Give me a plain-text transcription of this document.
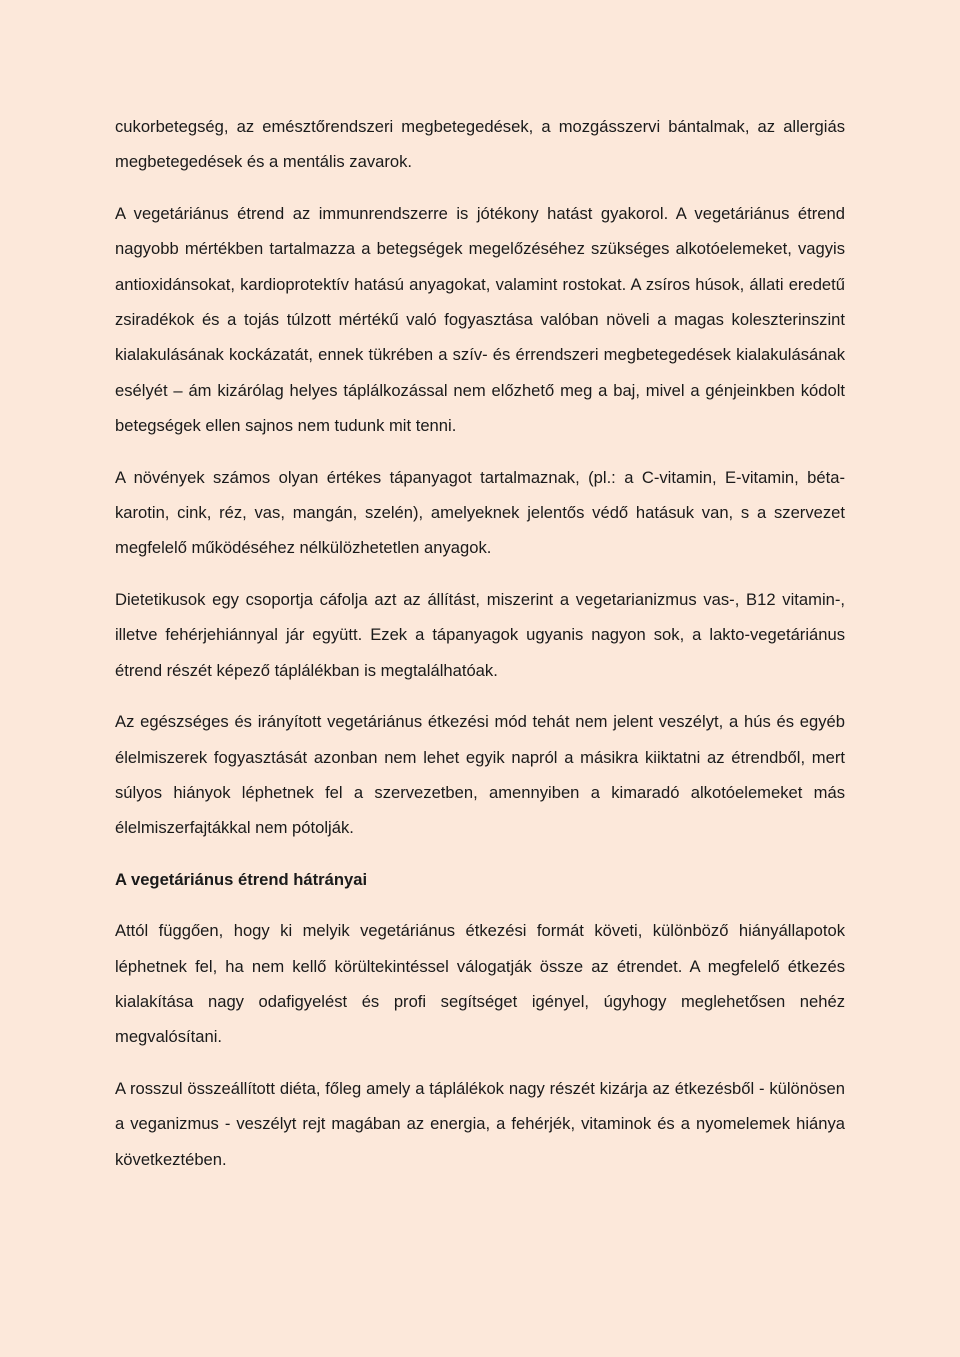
cukorbetegség, az emésztőrendszeri megbetegedések, a mozgásszervi bántalmak, az allergiás megbetegedések és a mentális zavarok.

A vegetáriánus étrend az immunrendszerre is jótékony hatást gyakorol. A vegetáriánus étrend nagyobb mértékben tartalmazza a betegségek megelőzéséhez szükséges alkotóelemeket, vagyis antioxidánsokat, kardioprotektív hatású anyagokat, valamint rostokat. A zsíros húsok, állati eredetű zsiradékok és a tojás túlzott mértékű való fogyasztása valóban növeli a magas koleszterinszint kialakulásának kockázatát, ennek tükrében a szív- és érrendszeri megbetegedések kialakulásának esélyét – ám kizárólag helyes táplálkozással nem előzhető meg a baj, mivel a génjeinkben kódolt betegségek ellen sajnos nem tudunk mit tenni.

A növények számos olyan értékes tápanyagot tartalmaznak, (pl.: a C-vitamin, E-vitamin, béta-karotin, cink, réz, vas, mangán, szelén), amelyeknek jelentős védő hatásuk van, s a szervezet megfelelő működéséhez nélkülözhetetlen anyagok.

Dietetikusok egy csoportja cáfolja azt az állítást, miszerint a vegetarianizmus vas-, B12 vitamin-, illetve fehérjehiánnyal jár együtt. Ezek a tápanyagok ugyanis nagyon sok, a lakto-vegetáriánus étrend részét képező táplálékban is megtalálhatóak.

Az egészséges és irányított vegetáriánus étkezési mód tehát nem jelent veszélyt, a hús és egyéb élelmiszerek fogyasztását azonban nem lehet egyik napról a másikra kiiktatni az étrendből, mert súlyos hiányok léphetnek fel a szervezetben, amennyiben a kimaradó alkotóelemeket más élelmiszerfajtákkal nem pótolják.

A vegetáriánus étrend hátrányai

Attól függően, hogy ki melyik vegetáriánus étkezési formát követi, különböző hiányállapotok léphetnek fel, ha nem kellő körültekintéssel válogatják össze az étrendet. A megfelelő étkezés kialakítása nagy odafigyelést és profi segítséget igényel, úgyhogy meglehetősen nehéz megvalósítani.

A rosszul összeállított diéta, főleg amely a táplálékok nagy részét kizárja az étkezésből - különösen a veganizmus - veszélyt rejt magában az energia, a fehérjék, vitaminok és a nyomelemek hiánya következtében.
